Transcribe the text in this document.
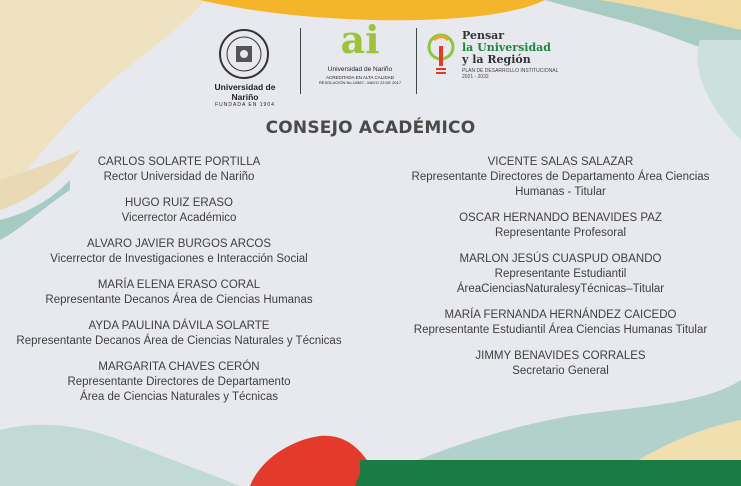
Universidad de Nariño
FUNDADA EN 1904
ai
Universidad de Nariño
ACREDITADA EN ALTA CALIDAD
RESOLUCIÓN No.10567 - MAYO 23 DE 2017
Pensar
la Universidad
y la Región
PLAN DE DESARROLLO INSTITUCIONAL
2021 - 2032
CONSEJO ACADÉMICO
CARLOS SOLARTE PORTILLA
Rector Universidad de Nariño
HUGO RUIZ ERASO
Vicerrector Académico
ALVARO JAVIER BURGOS ARCOS
Vicerrector de Investigaciones e Interacción Social
MARÍA ELENA ERASO CORAL
Representante Decanos Área de Ciencias Humanas
AYDA PAULINA DÁVILA SOLARTE
Representante Decanos Área de Ciencias Naturales y Técnicas
MARGARITA CHAVES CERÓN
Representante Directores de Departamento
Área de Ciencias Naturales y Técnicas
VICENTE SALAS SALAZAR
Representante Directores de Departamento Área Ciencias
Humanas - Titular
OSCAR HERNANDO BENAVIDES PAZ
Representante Profesoral
MARLON JESÚS CUASPUD OBANDO
Representante Estudiantil
ÁreaCienciasNaturalesyTécnicas–Titular
MARÍA FERNANDA HERNÁNDEZ CAICEDO
Representante Estudiantil Área Ciencias Humanas Titular
JIMMY BENAVIDES CORRALES
Secretario General
